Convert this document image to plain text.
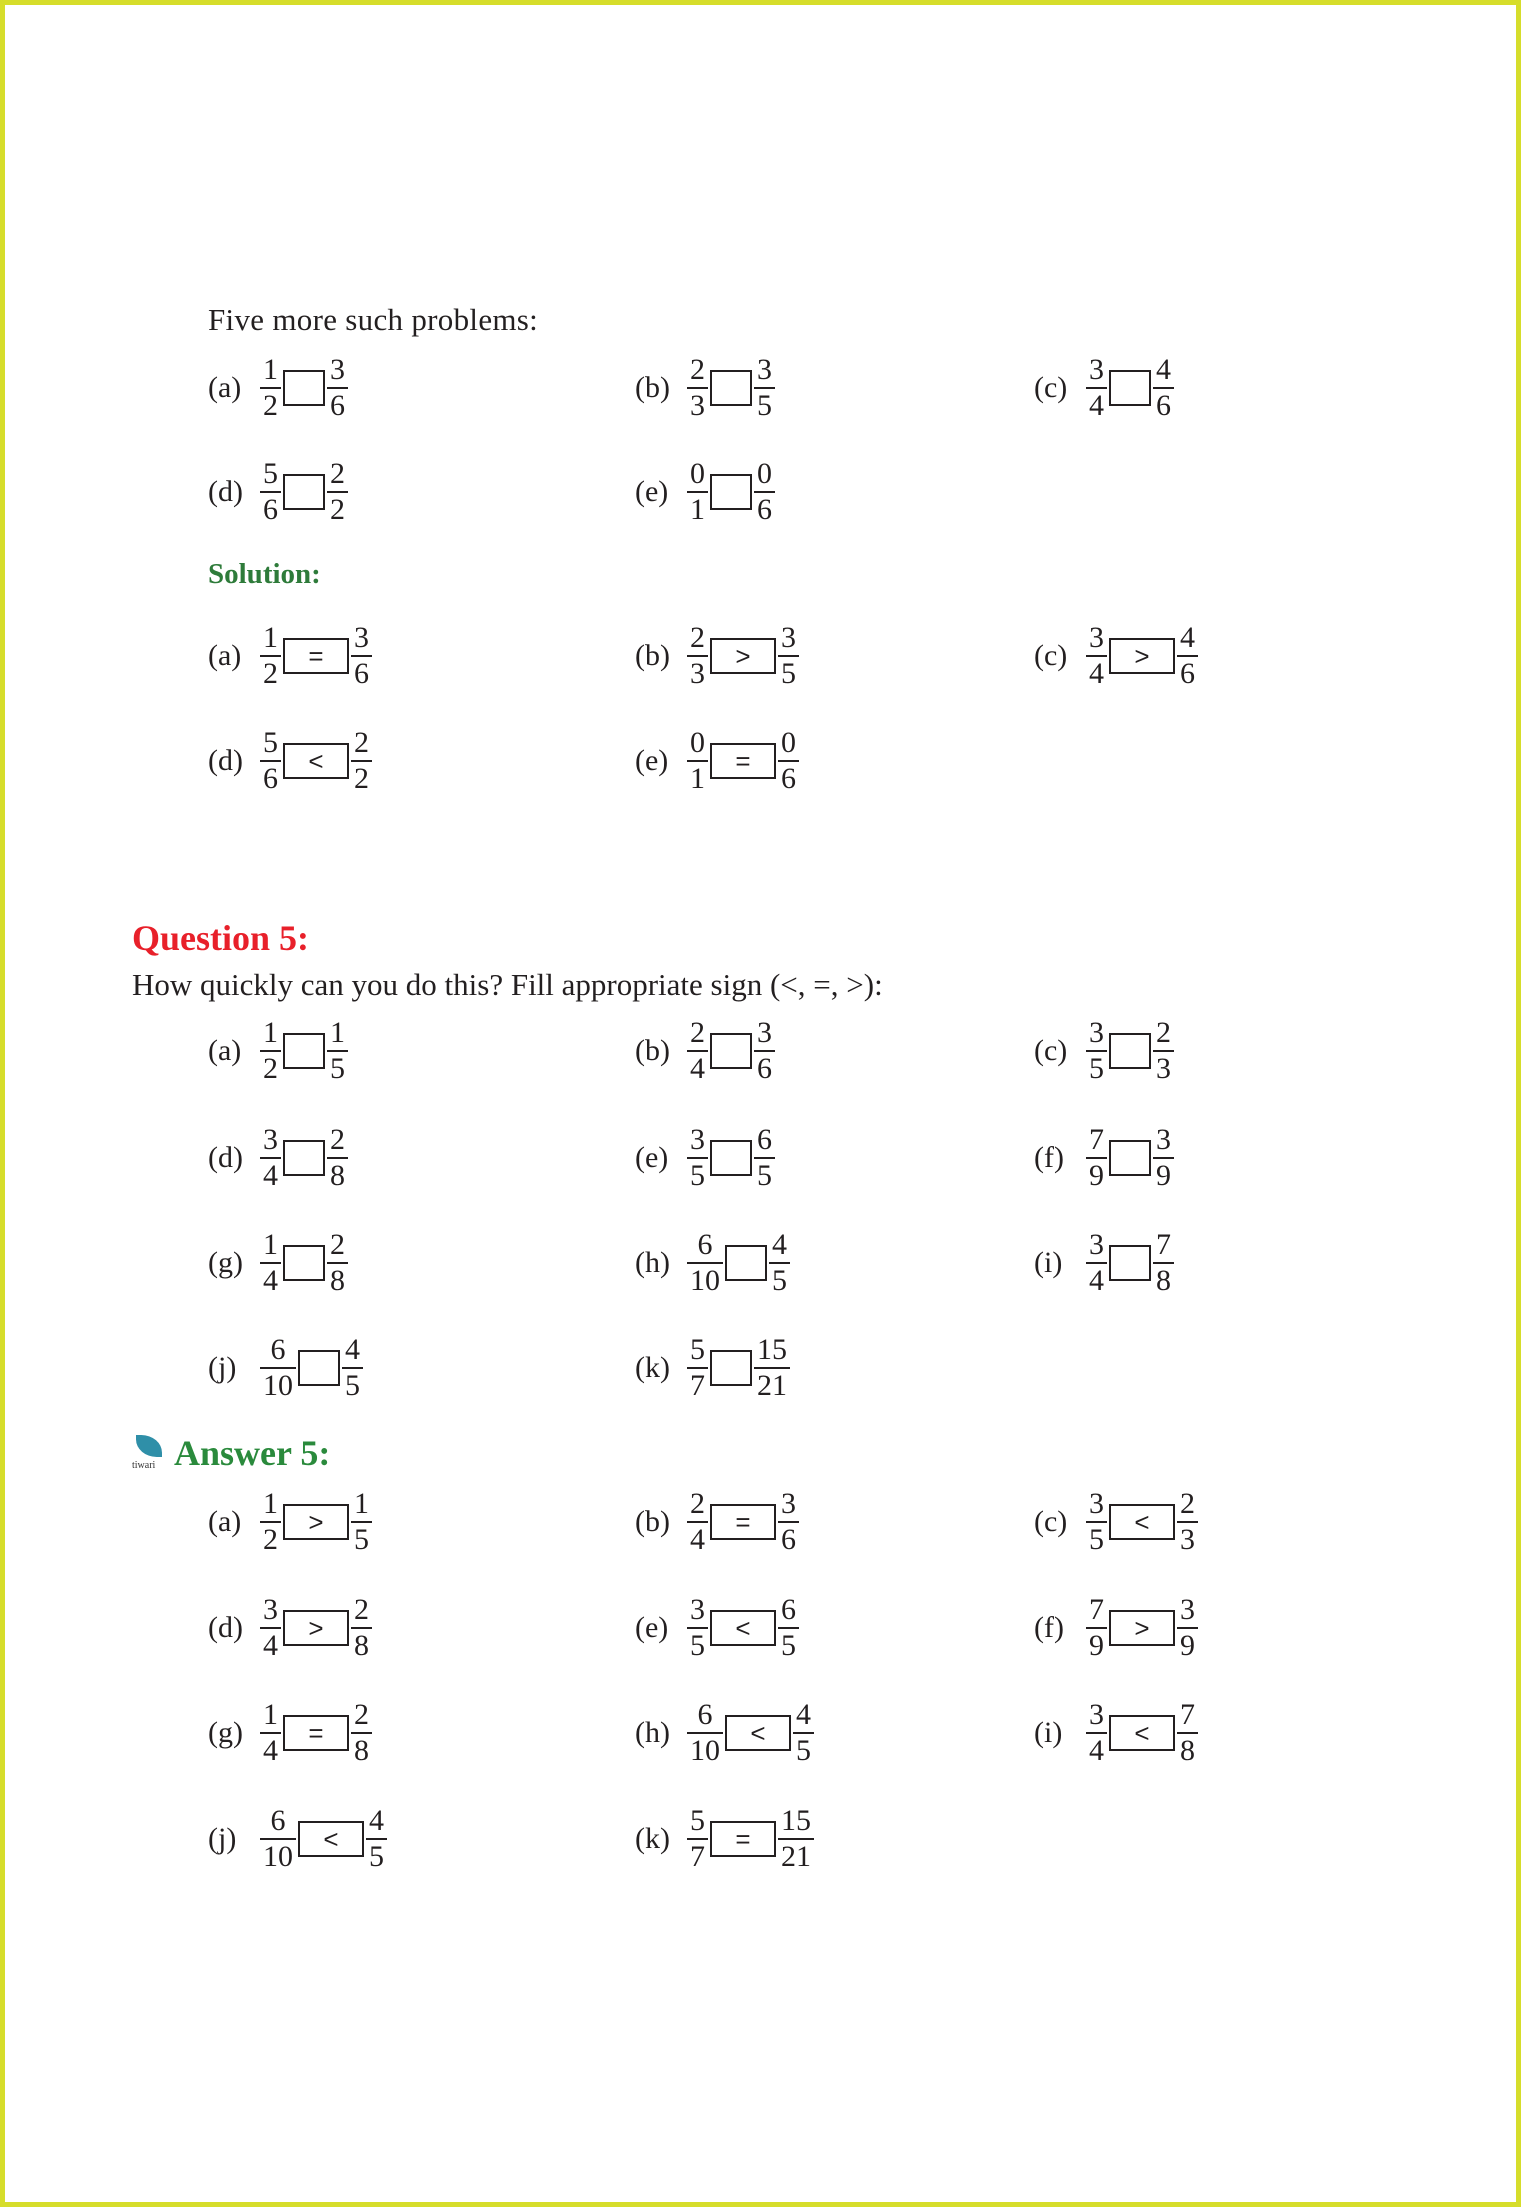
Five more such problems:
$(a) \frac{1}{2} \frac{3}{6}$	$(b) \frac{2}{3} \frac{3}{5}$	$(c) \frac{3}{4} \frac{4}{6}$
$(d) \frac{5}{6} \frac{2}{2}$	$(e) \frac{0}{1} \frac{0}{6}$
Solution:
$(a) \frac{1}{2}$	= $\frac{3}{6}$	$(b) \frac{2}{3}$	> $\frac{3}{5}$	$(c) \frac{3}{4}$	> $\frac{4}{6}$
$(d) \frac{5}{6}$	< $\frac{2}{2}$	$(e) \frac{0}{1}$	= $\frac{0}{6}$
Question 5:
How quickly can you do this? Fill appropriate sign (<, =, >):
$(a) \frac{1}{2} \frac{1}{5}$	$(b) \frac{2}{4} \frac{3}{6}$	$(c) \frac{3}{5} \frac{2}{3}$
$(d) \frac{3}{4} \frac{2}{8}$	$(e) \frac{3}{5} \frac{6}{5}$	$(f) \frac{7}{9} \frac{3}{9}$
$(g) \frac{1}{4} \frac{2}{8}$	$(h) \frac{6}{10} \frac{4}{5}$	$(i) \frac{3}{4} \frac{7}{8}$
$(j) \frac{6}{10} \frac{4}{5}$	$(k) \frac{5}{7} \frac{15}{21}$
tiwari Answer 5:
$(a) \frac{1}{2}$	> $\frac{1}{5}$	$(b) \frac{2}{4}$	= $\frac{3}{6}$	$(c) \frac{3}{5}$	< $\frac{2}{3}$
$(d) \frac{3}{4}$	> $\frac{2}{8}$	$(e) \frac{3}{5}$	< $\frac{6}{5}$	$(f) \frac{7}{9}$	> $\frac{3}{9}$
$(g) \frac{1}{4}$	= $\frac{2}{8}$	$(h) \frac{6}{10}$	< $\frac{4}{5}$	$(i) \frac{3}{4}$	< $\frac{7}{8}$
$(j) \frac{6}{10}$	< $\frac{4}{5}$	$(k) \frac{5}{7}$	= $\frac{15}{21}$
